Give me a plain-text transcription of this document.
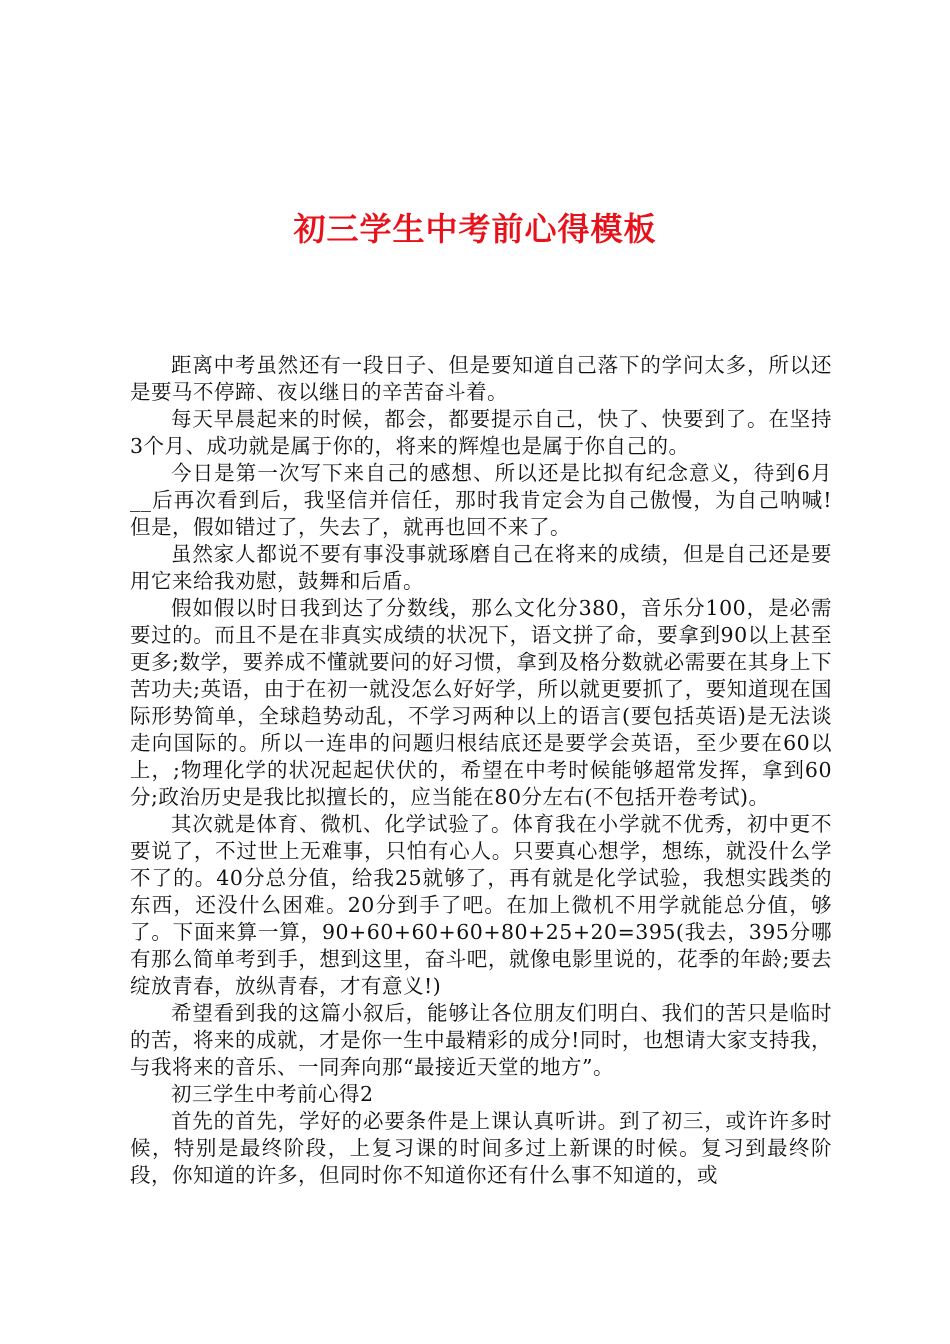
初三学生中考前心得模板

距离中考虽然还有一段日子、但是要知道自己落下的学问太多，所以还是要马不停蹄、夜以继日的辛苦奋斗着。

每天早晨起来的时候，都会，都要提示自己，快了、快要到了。在坚持3个月、成功就是属于你的，将来的辉煌也是属于你自己的。

今日是第一次写下来自己的感想、所以还是比拟有纪念意义，待到6月__后再次看到后，我坚信并信任，那时我肯定会为自己傲慢，为自己呐喊!但是，假如错过了，失去了，就再也回不来了。

虽然家人都说不要有事没事就琢磨自己在将来的成绩，但是自己还是要用它来给我劝慰，鼓舞和后盾。

假如假以时日我到达了分数线，那么文化分380，音乐分100，是必需要过的。而且不是在非真实成绩的状况下，语文拼了命，要拿到90以上甚至更多;数学，要养成不懂就要问的好习惯，拿到及格分数就必需要在其身上下苦功夫;英语，由于在初一就没怎么好好学，所以就更要抓了，要知道现在国际形势简单，全球趋势动乱，不学习两种以上的语言(要包括英语)是无法谈走向国际的。所以一连串的问题归根结底还是要学会英语，至少要在60以上，;物理化学的状况起起伏伏的，希望在中考时候能够超常发挥，拿到60分;政治历史是我比拟擅长的，应当能在80分左右(不包括开卷考试)。

其次就是体育、微机、化学试验了。体育我在小学就不优秀，初中更不要说了，不过世上无难事，只怕有心人。只要真心想学，想练，就没什么学不了的。40分总分值，给我25就够了，再有就是化学试验，我想实践类的东西，还没什么困难。20分到手了吧。在加上微机不用学就能总分值，够了。下面来算一算，90+60+60+60+80+25+20=395(我去，395分哪有那么简单考到手，想到这里，奋斗吧，就像电影里说的，花季的年龄;要去绽放青春，放纵青春，才有意义!)

希望看到我的这篇小叙后，能够让各位朋友们明白、我们的苦只是临时的苦，将来的成就，才是你一生中最精彩的成分!同时，也想请大家支持我，与我将来的音乐、一同奔向那“最接近天堂的地方”。

初三学生中考前心得2

首先的首先，学好的必要条件是上课认真听讲。到了初三，或许许多时候，特别是最终阶段，上复习课的时间多过上新课的时候。复习到最终阶段，你知道的许多，但同时你不知道你还有什么事不知道的，或
